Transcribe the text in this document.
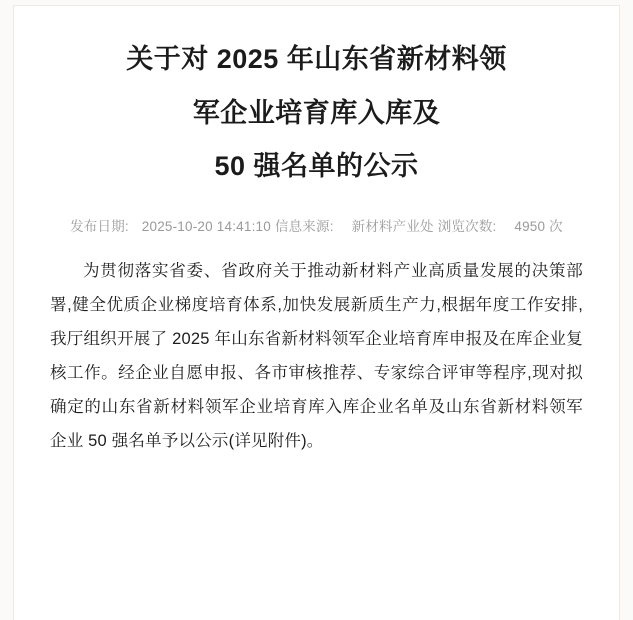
关于对 2025 年山东省新材料领
军企业培育库入库及
50 强名单的公示
发布日期: 2025-10-20 14:41:10 信息来源: 新材料产业处 浏览次数: 4950 次

为贯彻落实省委、省政府关于推动新材料产业高质量发展的决策部署,健全优质企业梯度培育体系,加快发展新质生产力,根据年度工作安排,我厅组织开展了 2025 年山东省新材料领军企业培育库申报及在库企业复核工作。经企业自愿申报、各市审核推荐、专家综合评审等程序,现对拟确定的山东省新材料领军企业培育库入库企业名单及山东省新材料领军企业 50 强名单予以公示(详见附件)。
